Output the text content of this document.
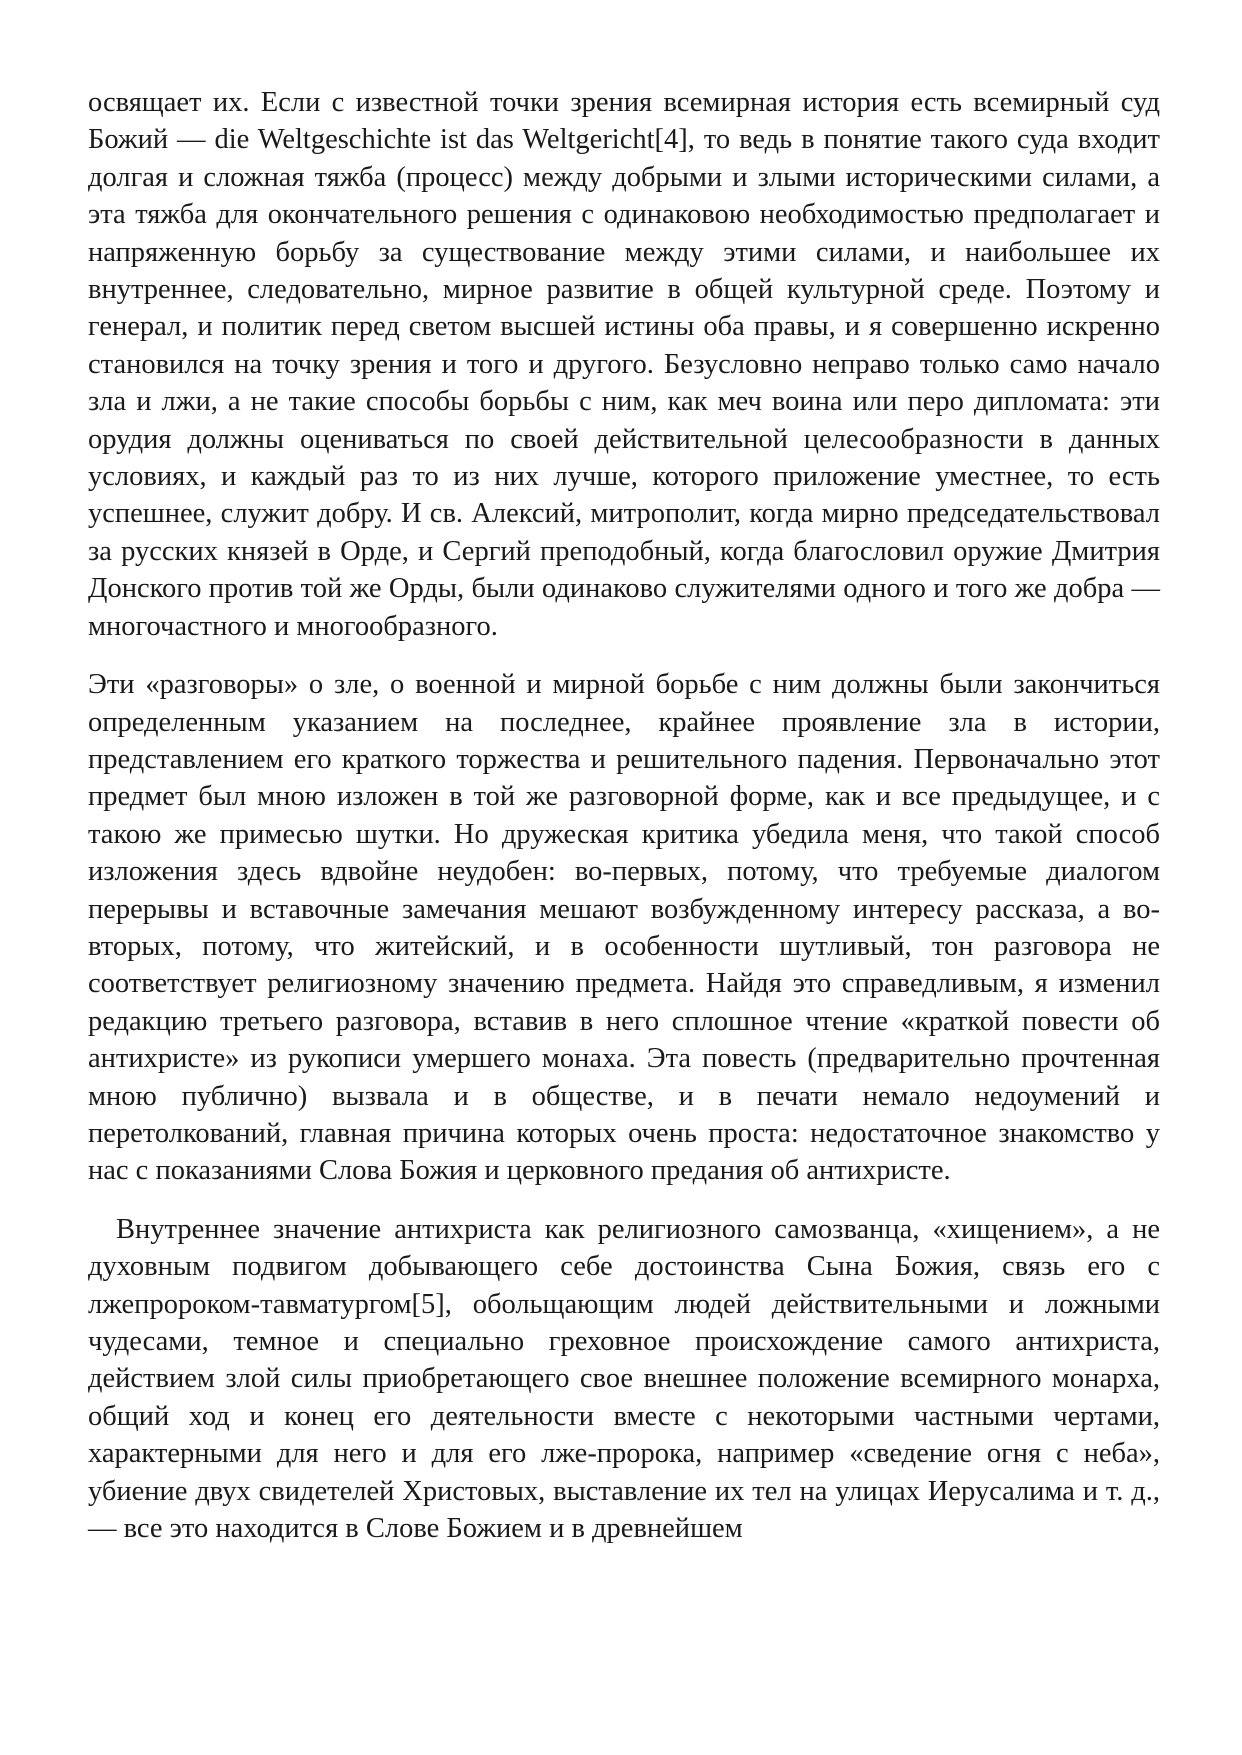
освящает их. Если с известной точки зрения всемирная история есть всемирный суд Божий — die Weltgeschichte ist das Weltgericht[4], то ведь в понятие такого суда входит долгая и сложная тяжба (процесс) между добрыми и злыми историческими силами, а эта тяжба для окончательного решения с одинаковою необходимостью предполагает и напряженную борьбу за существование между этими силами, и наибольшее их внутреннее, следовательно, мирное развитие в общей культурной среде. Поэтому и генерал, и политик перед светом высшей истины оба правы, и я совершенно искренно становился на точку зрения и того и другого. Безусловно неправо только само начало зла и лжи, а не такие способы борьбы с ним, как меч воина или перо дипломата: эти орудия должны оцениваться по своей действительной целесообразности в данных условиях, и каждый раз то из них лучше, которого приложение уместнее, то есть успешнее, служит добру. И св. Алексий, митрополит, когда мирно председательствовал за русских князей в Орде, и Сергий преподобный, когда благословил оружие Дмитрия Донского против той же Орды, были одинаково служителями одного и того же добра — многочастного и многообразного.

Эти «разговоры» о зле, о военной и мирной борьбе с ним должны были закончиться определенным указанием на последнее, крайнее проявление зла в истории, представлением его краткого торжества и решительного падения. Первоначально этот предмет был мною изложен в той же разговорной форме, как и все предыдущее, и с такою же примесью шутки. Но дружеская критика убедила меня, что такой способ изложения здесь вдвойне неудобен: во-первых, потому, что требуемые диалогом перерывы и вставочные замечания мешают возбужденному интересу рассказа, а во-вторых, потому, что житейский, и в особенности шутливый, тон разговора не соответствует религиозному значению предмета. Найдя это справедливым, я изменил редакцию третьего разговора, вставив в него сплошное чтение «краткой повести об антихристе» из рукописи умершего монаха. Эта повесть (предварительно прочтенная мною публично) вызвала и в обществе, и в печати немало недоумений и перетолкований, главная причина которых очень проста: недостаточное знакомство у нас с показаниями Слова Божия и церковного предания об антихристе.

Внутреннее значение антихриста как религиозного самозванца, «хищением», а не духовным подвигом добывающего себе достоинства Сына Божия, связь его с лжепророком-тавматургом[5], обольщающим людей действительными и ложными чудесами, темное и специально греховное происхождение самого антихриста, действием злой силы приобретающего свое внешнее положение всемирного монарха, общий ход и конец его деятельности вместе с некоторыми частными чертами, характерными для него и для его лже-пророка, например «сведение огня с неба», убиение двух свидетелей Христовых, выставление их тел на улицах Иерусалима и т. д., — все это находится в Слове Божием и в древнейшем
